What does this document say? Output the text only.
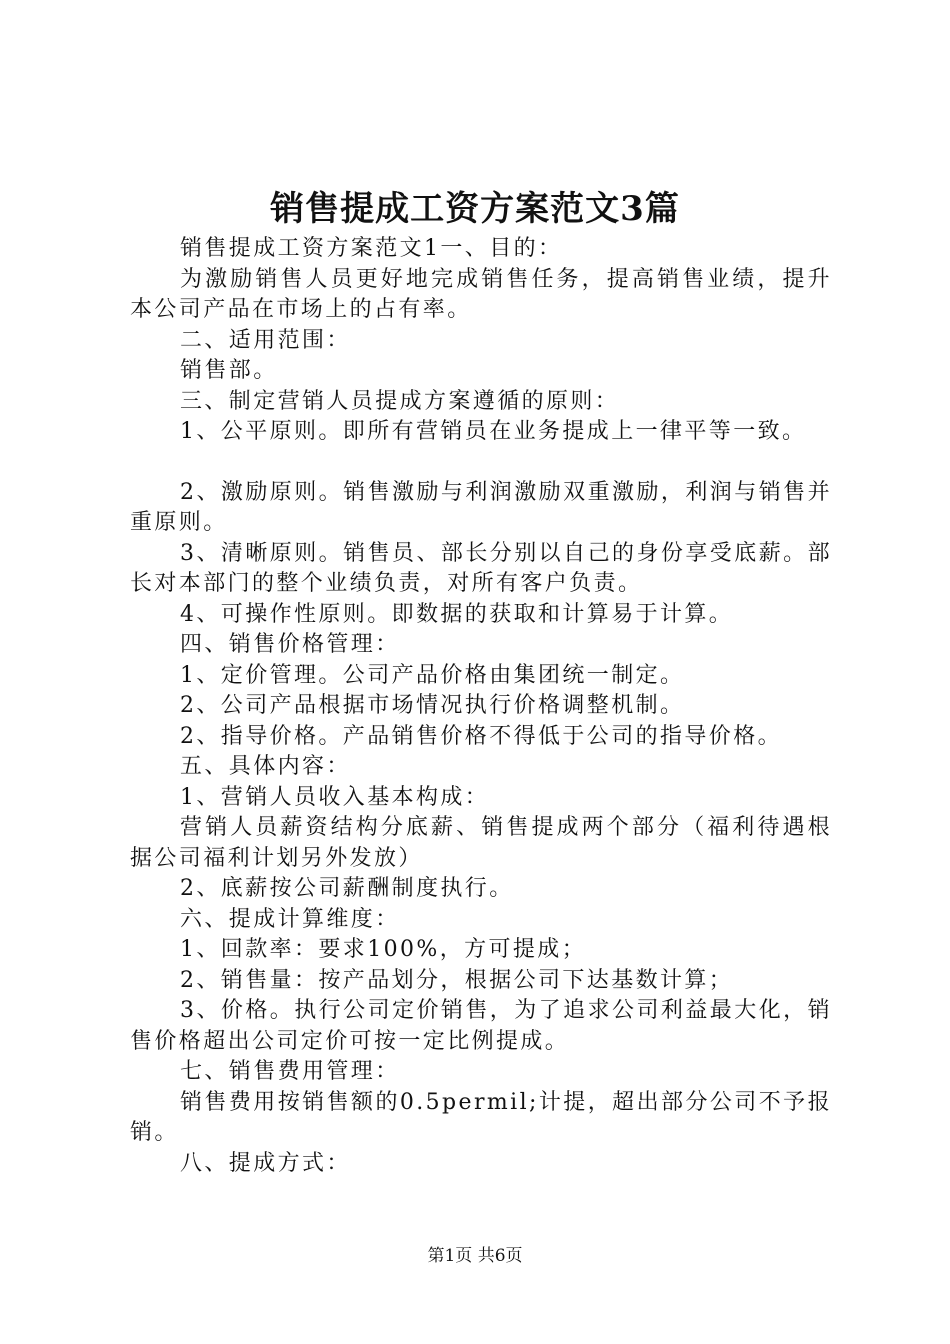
销售提成工资方案范文3篇

销售提成工资方案范文1一、目的：

为激励销售人员更好地完成销售任务，提高销售业绩，提升本公司产品在市场上的占有率。

二、适用范围：

销售部。

三、制定营销人员提成方案遵循的原则：

1、公平原则。即所有营销员在业务提成上一律平等一致。

2、激励原则。销售激励与利润激励双重激励，利润与销售并重原则。

3、清晰原则。销售员、部长分别以自己的身份享受底薪。部长对本部门的整个业绩负责，对所有客户负责。

4、可操作性原则。即数据的获取和计算易于计算。

四、销售价格管理：

1、定价管理。公司产品价格由集团统一制定。

2、公司产品根据市场情况执行价格调整机制。

2、指导价格。产品销售价格不得低于公司的指导价格。

五、具体内容：

1、营销人员收入基本构成：

营销人员薪资结构分底薪、销售提成两个部分（福利待遇根据公司福利计划另外发放）

2、底薪按公司薪酬制度执行。

六、提成计算维度：

1、回款率：要求100%，方可提成；

2、销售量：按产品划分，根据公司下达基数计算；

3、价格。执行公司定价销售，为了追求公司利益最大化，销售价格超出公司定价可按一定比例提成。

七、销售费用管理：

销售费用按销售额的0.5permil;计提，超出部分公司不予报销。

八、提成方式：

第1页 共6页
